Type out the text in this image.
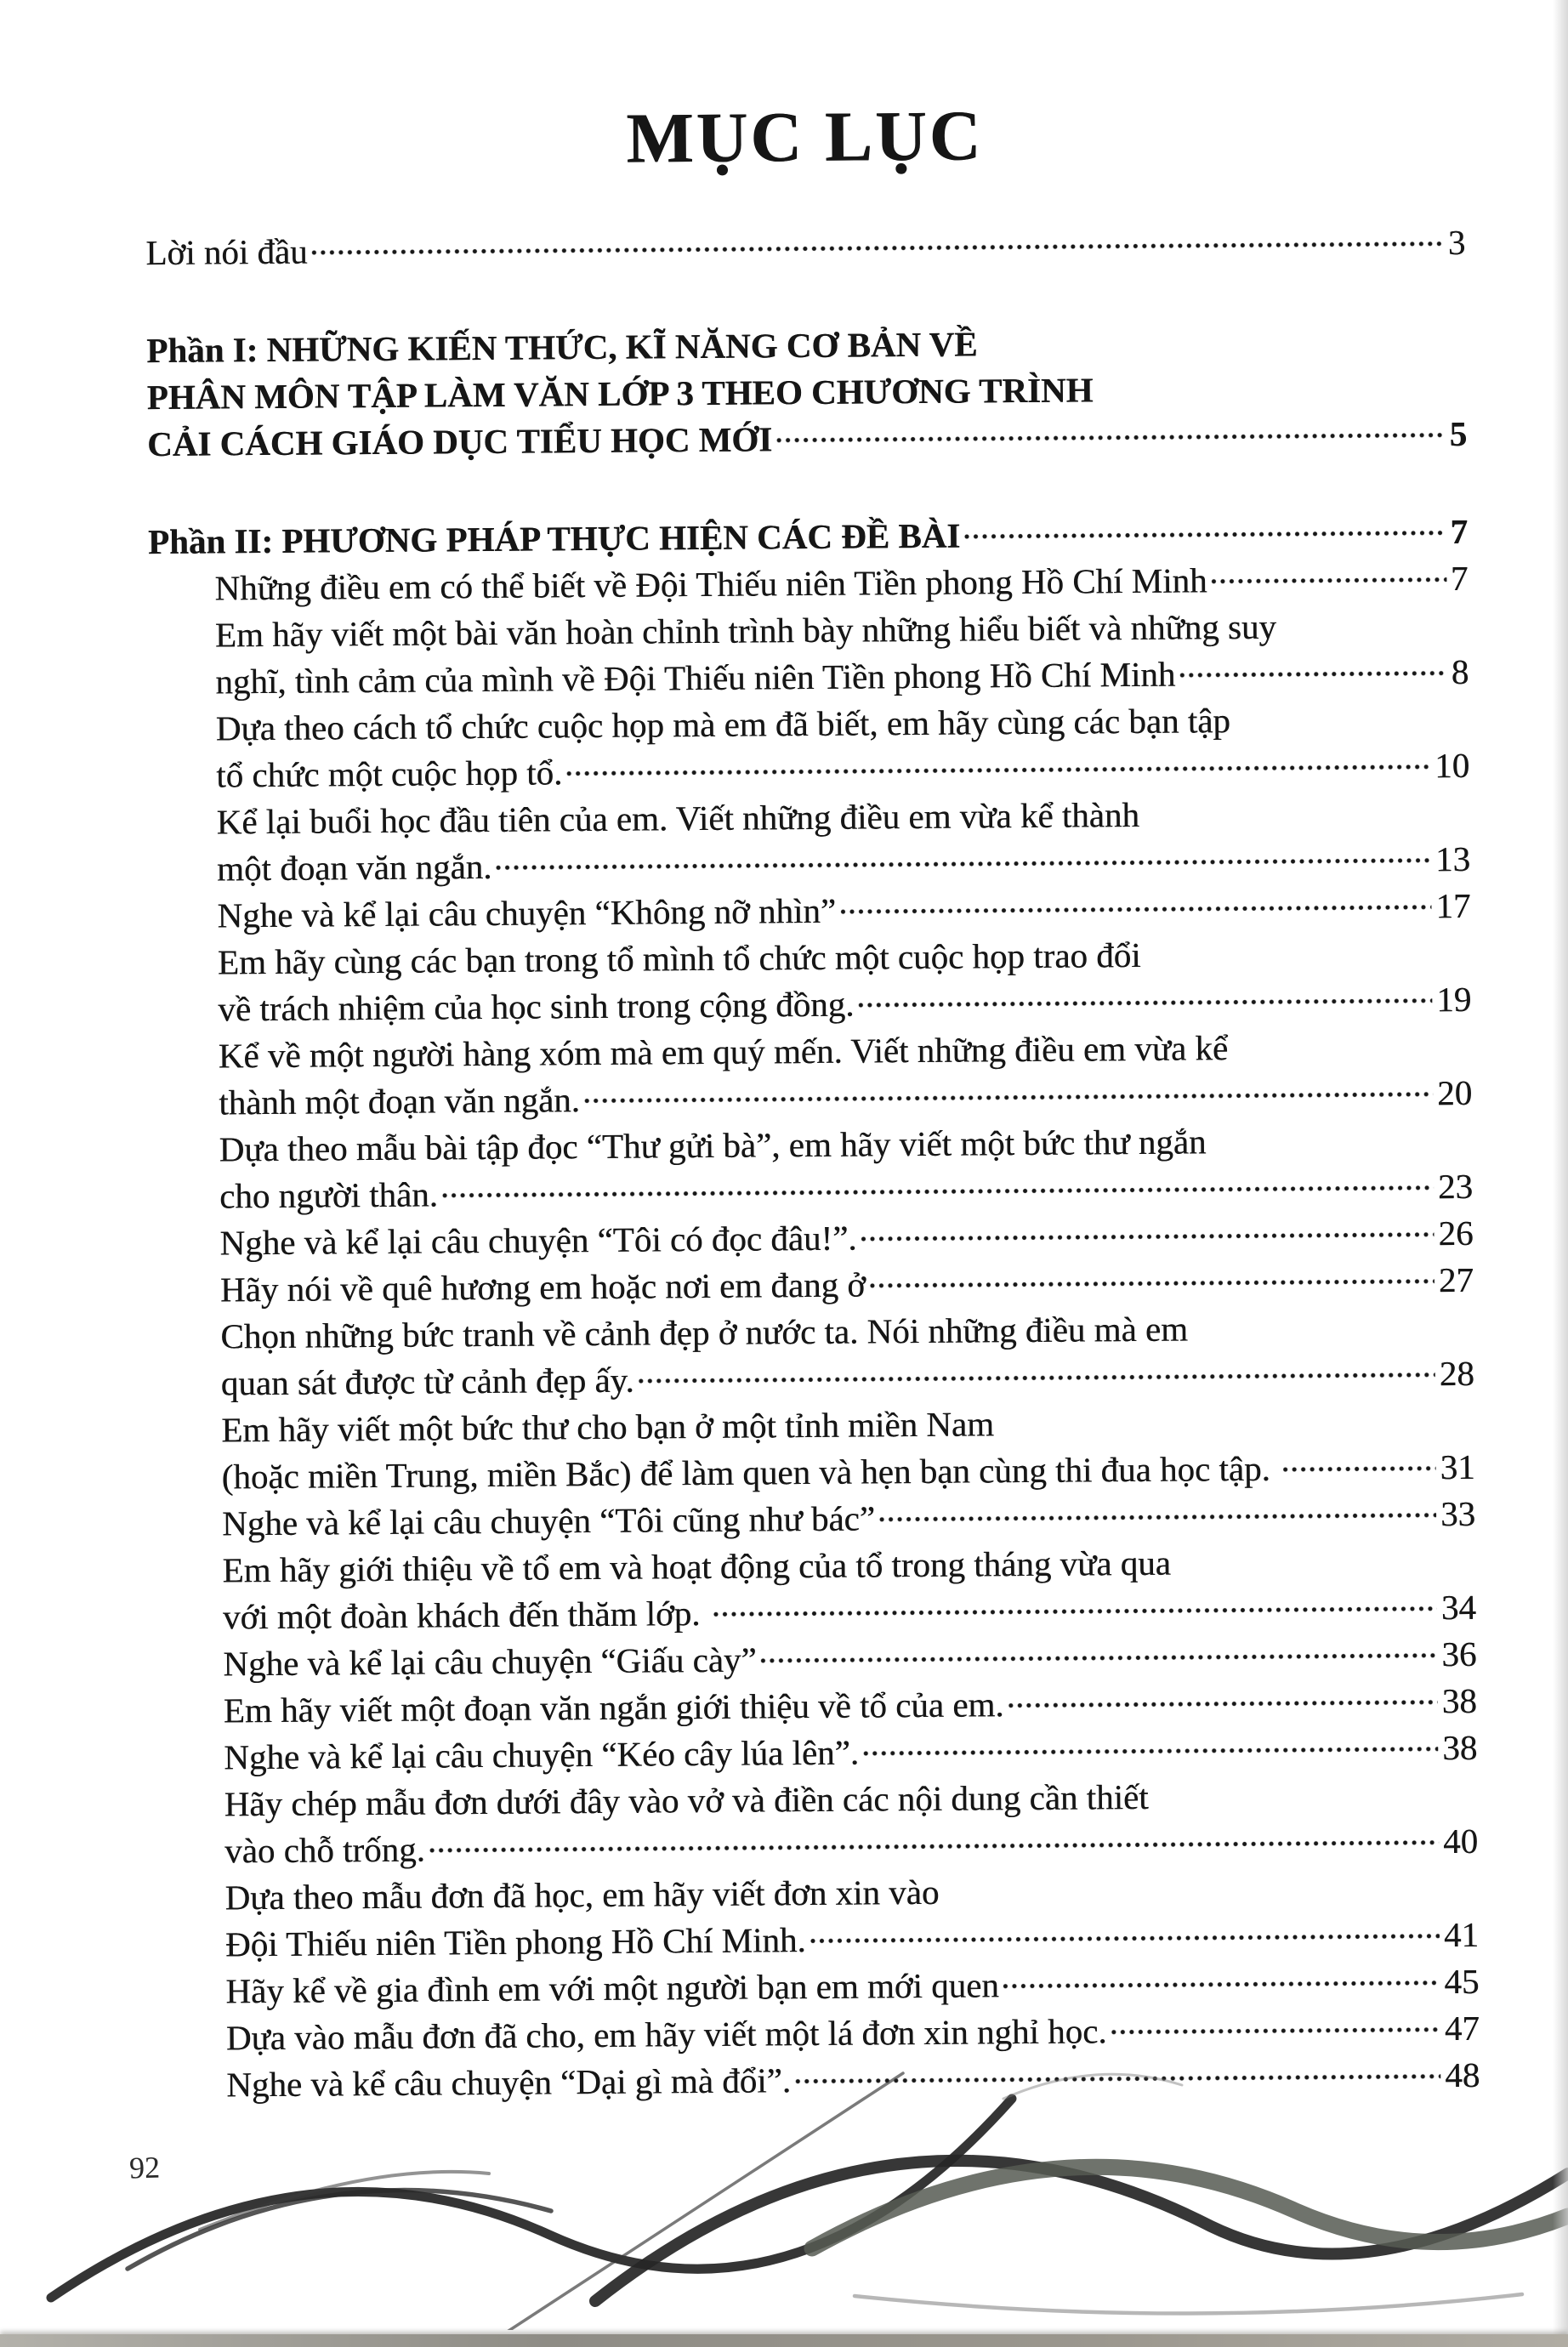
MỤC LỤC
Lời nói đầu	3
Phần I: NHỮNG KIẾN THỨC, KĨ NĂNG CƠ BẢN VỀ
PHÂN MÔN TẬP LÀM VĂN LỚP 3 THEO CHƯƠNG TRÌNH
CẢI CÁCH GIÁO DỤC TIỂU HỌC MỚI	5
Phần II: PHƯƠNG PHÁP THỰC HIỆN CÁC ĐỀ BÀI	7
Những điều em có thể biết về Đội Thiếu niên Tiền phong Hồ Chí Minh	7
Em hãy viết một bài văn hoàn chỉnh trình bày những hiểu biết và những suy
nghĩ, tình cảm của mình về Đội Thiếu niên Tiền phong Hồ Chí Minh	8
Dựa theo cách tổ chức cuộc họp mà em đã biết, em hãy cùng các bạn tập
tổ chức một cuộc họp tổ.	10
Kể lại buổi học đầu tiên của em. Viết những điều em vừa kể thành
một đoạn văn ngắn.	13
Nghe và kể lại câu chuyện “Không nỡ nhìn”	17
Em hãy cùng các bạn trong tổ mình tổ chức một cuộc họp trao đổi
về trách nhiệm của học sinh trong cộng đồng.	19
Kể về một người hàng xóm mà em quý mến. Viết những điều em vừa kể
thành một đoạn văn ngắn.	20
Dựa theo mẫu bài tập đọc “Thư gửi bà”, em hãy viết một bức thư ngắn
cho người thân.	23
Nghe và kể lại câu chuyện “Tôi có đọc đâu!”.	26
Hãy nói về quê hương em hoặc nơi em đang ở	27
Chọn những bức tranh về cảnh đẹp ở nước ta. Nói những điều mà em
quan sát được từ cảnh đẹp ấy.	28
Em hãy viết một bức thư cho bạn ở một tỉnh miền Nam
(hoặc miền Trung, miền Bắc) để làm quen và hẹn bạn cùng thi đua học tập.	31
Nghe và kể lại câu chuyện “Tôi cũng như bác”	33
Em hãy giới thiệu về tổ em và hoạt động của tổ trong tháng vừa qua
với một đoàn khách đến thăm lớp.	34
Nghe và kể lại câu chuyện “Giấu cày”	36
Em hãy viết một đoạn văn ngắn giới thiệu về tổ của em.	38
Nghe và kể lại câu chuyện “Kéo cây lúa lên”.	38
Hãy chép mẫu đơn dưới đây vào vở và điền các nội dung cần thiết
vào chỗ trống.	40
Dựa theo mẫu đơn đã học, em hãy viết đơn xin vào
Đội Thiếu niên Tiền phong Hồ Chí Minh.	41
Hãy kể về gia đình em với một người bạn em mới quen	45
Dựa vào mẫu đơn đã cho, em hãy viết một lá đơn xin nghỉ học.	47
Nghe và kể câu chuyện “Dại gì mà đổi”.	48
92
